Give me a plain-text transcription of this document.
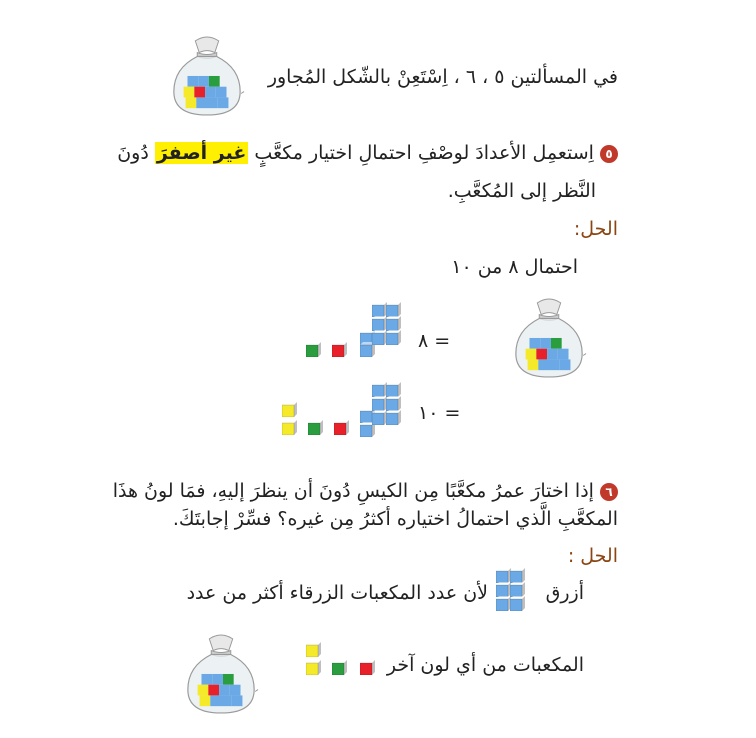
في المسألتين ٥ ، ٦ ، اِسْتَعِنْ بالشّكل المُجاور
٥ اِستعمِل الأعدادَ لوصْفِ احتمالِ اختيار مكعَّبٍ غير أصفرَ دُونَ
النَّظر إلى المُكعَّبِ.
الحل:
احتمال ٨ من ١٠
= ٨
= ١٠
٦ إذا اختارَ عمرُ مكعَّبًا مِن الكيسِ دُونَ أن ينظرَ إليهِ، فمَا لونُ هذَا
المكعَّبِ الَّذي احتمالُ اختياره أكثرُ مِن غيره؟ فسِّرْ إجابتَكَ.
الحل :
أزرق
لأن عدد المكعبات الزرقاء أكثر من عدد
المكعبات من أي لون آخر
